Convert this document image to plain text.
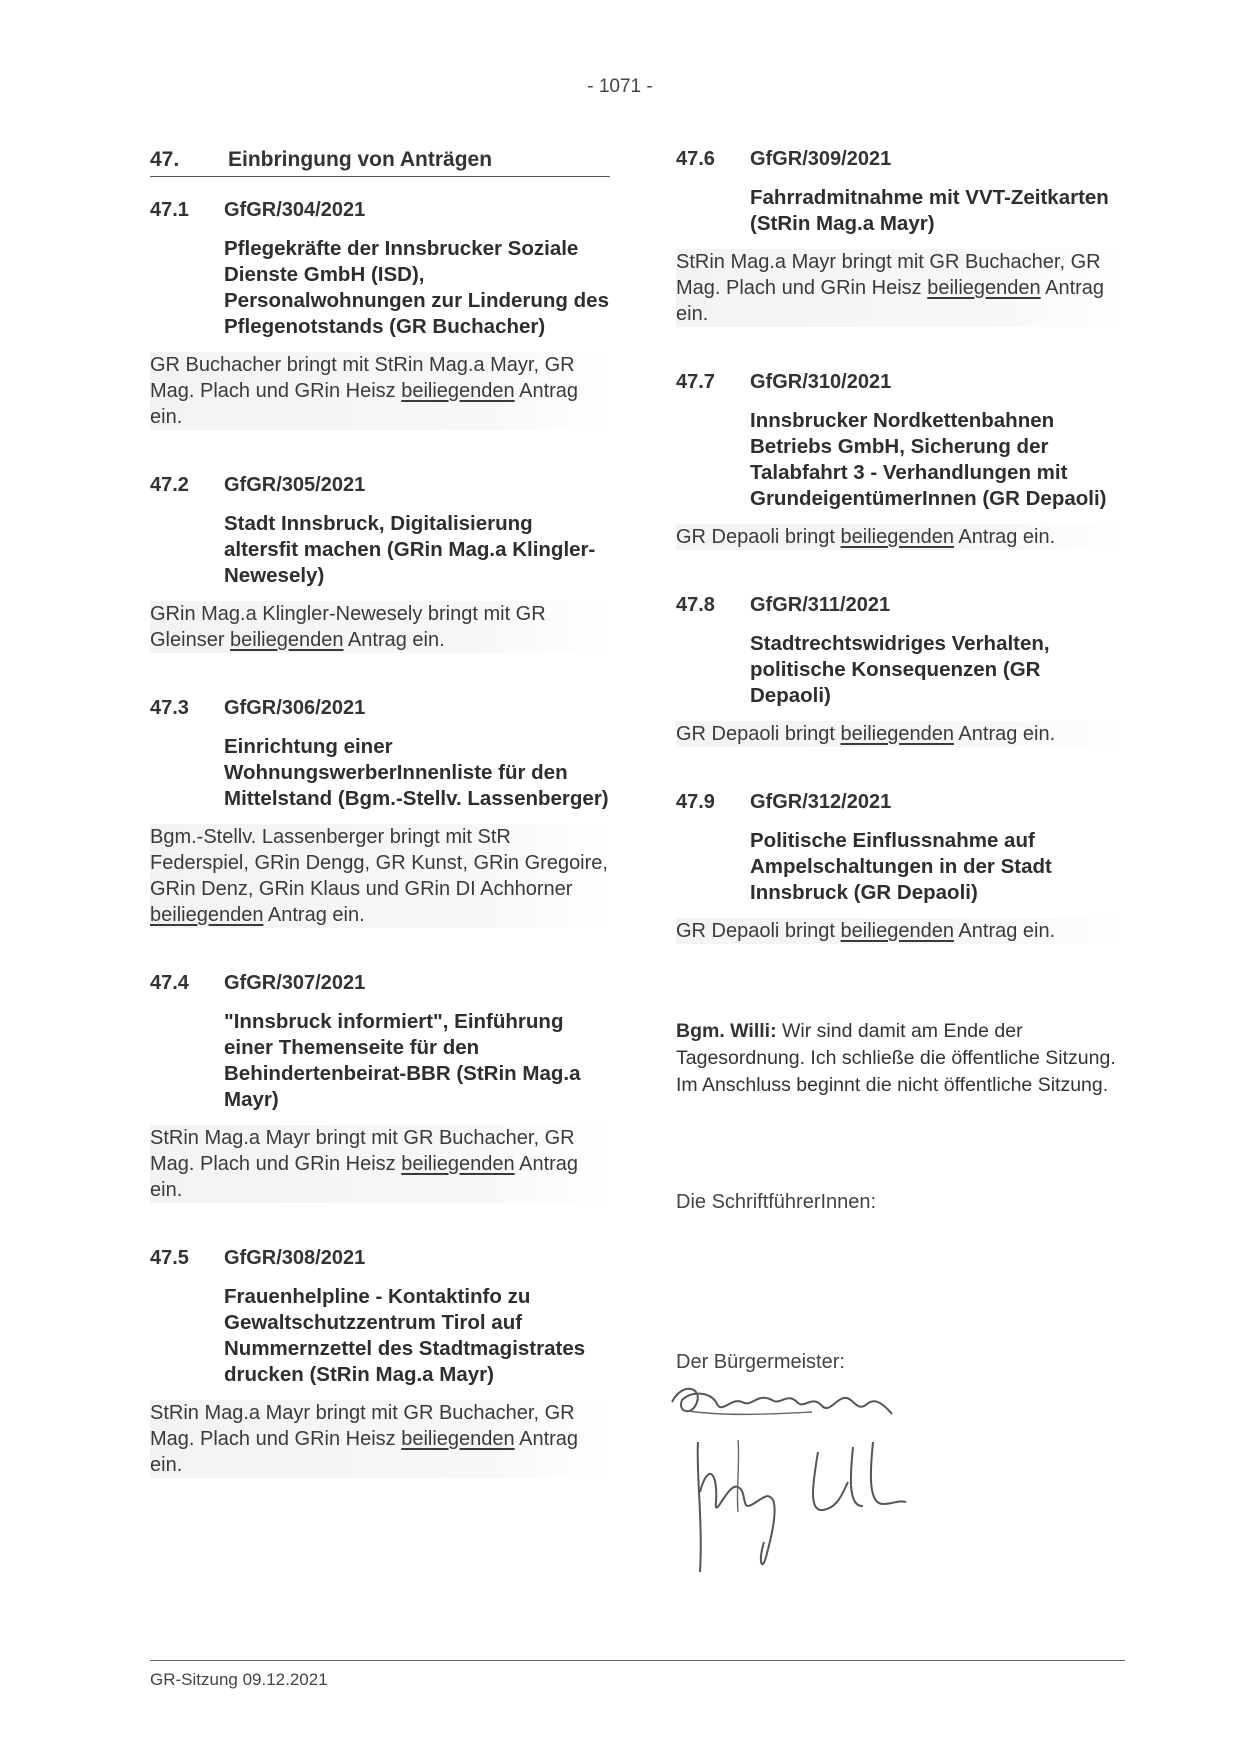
- 1071 -
47.	Einbringung von Anträgen
47.1	GfGR/304/2021
Pflegekräfte der Innsbrucker Soziale Dienste GmbH (ISD), Personalwohnungen zur Linderung des Pflegenotstands (GR Buchacher)
GR Buchacher bringt mit StRin Mag.a Mayr, GR Mag. Plach und GRin Heisz beiliegenden Antrag ein.
47.2	GfGR/305/2021
Stadt Innsbruck, Digitalisierung altersfit machen (GRin Mag.a Klingler-Newesely)
GRin Mag.a Klingler-Newesely bringt mit GR Gleinser beiliegenden Antrag ein.
47.3	GfGR/306/2021
Einrichtung einer WohnungswerberInnenliste für den Mittelstand (Bgm.-Stellv. Lassenberger)
Bgm.-Stellv. Lassenberger bringt mit StR Federspiel, GRin Dengg, GR Kunst, GRin Gregoire, GRin Denz, GRin Klaus und GRin DI Achhorner beiliegenden Antrag ein.
47.4	GfGR/307/2021
"Innsbruck informiert", Einführung einer Themenseite für den Behindertenbeirat-BBR (StRin Mag.a Mayr)
StRin Mag.a Mayr bringt mit GR Buchacher, GR Mag. Plach und GRin Heisz beiliegenden Antrag ein.
47.5	GfGR/308/2021
Frauenhelpline - Kontaktinfo zu Gewaltschutzzentrum Tirol auf Nummernzettel des Stadtmagistrates drucken (StRin Mag.a Mayr)
StRin Mag.a Mayr bringt mit GR Buchacher, GR Mag. Plach und GRin Heisz beiliegenden Antrag ein.
47.6	GfGR/309/2021
Fahrradmitnahme mit VVT-Zeitkarten (StRin Mag.a Mayr)
StRin Mag.a Mayr bringt mit GR Buchacher, GR Mag. Plach und GRin Heisz beiliegenden Antrag ein.
47.7	GfGR/310/2021
Innsbrucker Nordkettenbahnen Betriebs GmbH, Sicherung der Talabfahrt 3 - Verhandlungen mit GrundeigentümerInnen (GR Depaoli)
GR Depaoli bringt beiliegenden Antrag ein.
47.8	GfGR/311/2021
Stadtrechtswidriges Verhalten, politische Konsequenzen (GR Depaoli)
GR Depaoli bringt beiliegenden Antrag ein.
47.9	GfGR/312/2021
Politische Einflussnahme auf Ampelschaltungen in der Stadt Innsbruck (GR Depaoli)
GR Depaoli bringt beiliegenden Antrag ein.
Bgm. Willi: Wir sind damit am Ende der Tagesordnung. Ich schließe die öffentliche Sitzung. Im Anschluss beginnt die nicht öffentliche Sitzung.
Die SchriftführerInnen:
Der Bürgermeister:
GR-Sitzung 09.12.2021
